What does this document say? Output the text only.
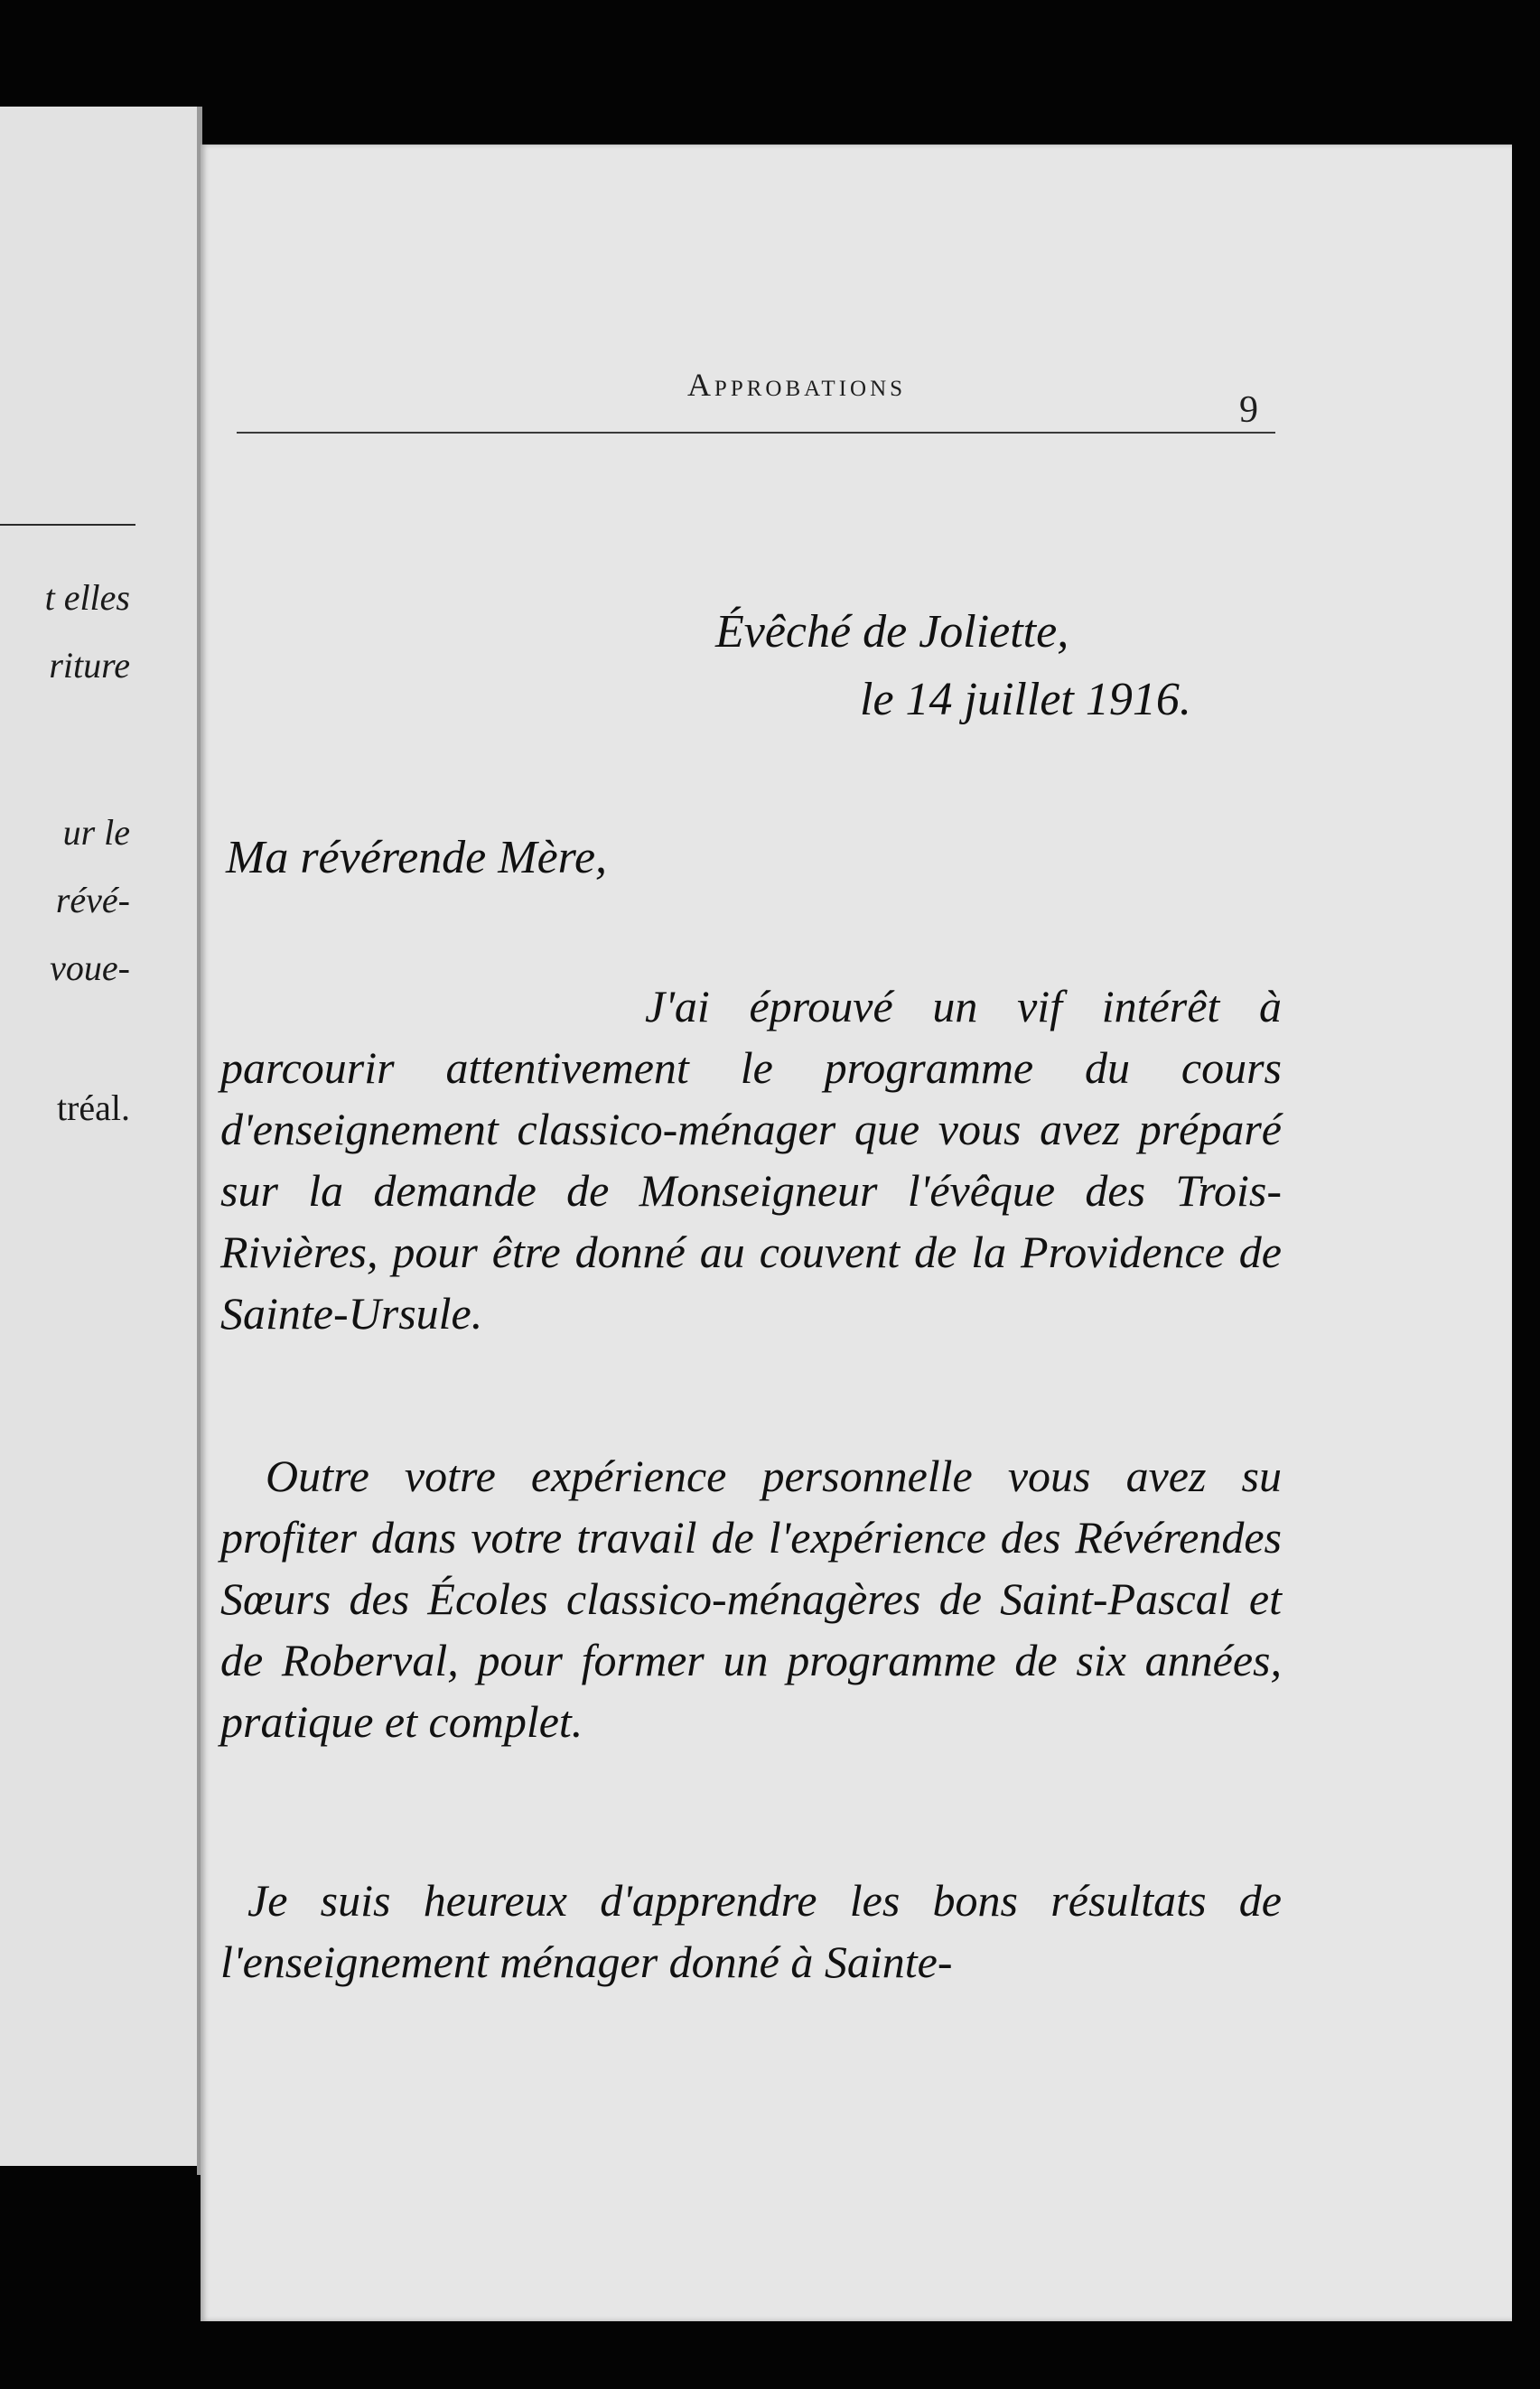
t elles
riture
ur le
révé-
voue-
tréal.
Approbations
9
Évêché de Joliette,
le 14 juillet 1916.
Ma révérende Mère,
J'ai éprouvé un vif intérêt à parcourir attentivement le programme du cours d'enseignement classico-ménager que vous avez préparé sur la demande de Monseigneur l'évêque des Trois-Rivières, pour être donné au couvent de la Providence de Sainte-Ursule.
Outre votre expérience personnelle vous avez su profiter dans votre travail de l'expérience des Révérendes Sœurs des Écoles classico-ménagères de Saint-Pascal et de Roberval, pour former un programme de six années, pratique et complet.
Je suis heureux d'apprendre les bons résultats de l'enseignement ménager donné à Sainte-
